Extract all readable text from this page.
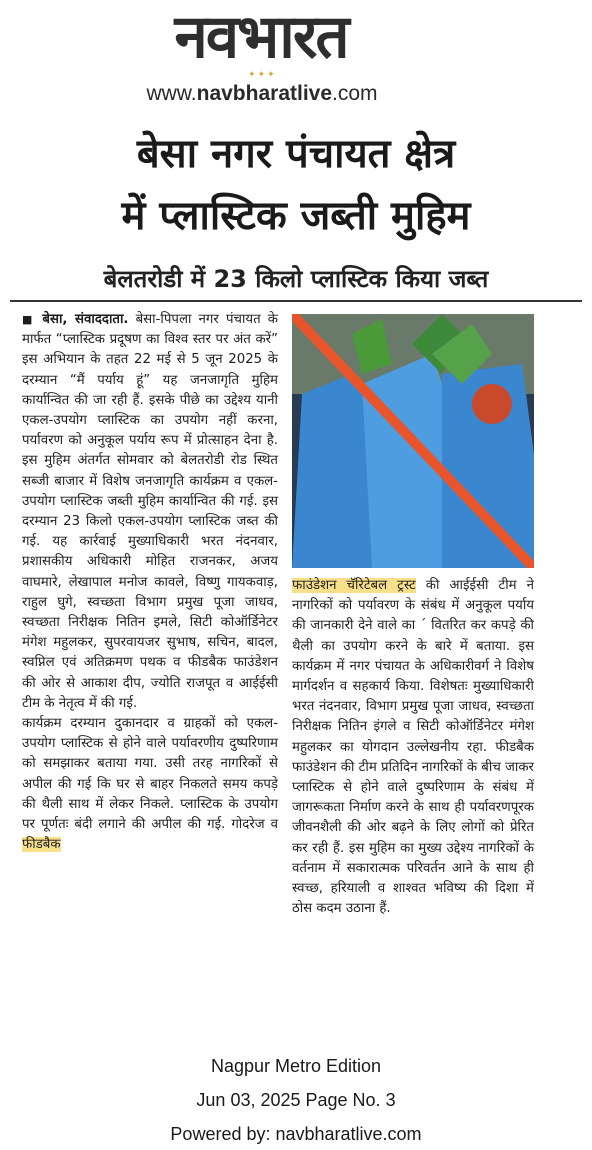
नवभारत
✦✦✦
www.navbharatlive.com
बेसा नगर पंचायत क्षेत्र
में प्लास्टिक जब्ती मुहिम
बेलतरोडी में 23 किलो प्लास्टिक किया जब्त

■ बेसा, संवाददाता. बेसा-पिपला नगर पंचायत के मार्फत “प्लास्टिक प्रदूषण का विश्व स्तर पर अंत करें” इस अभियान के तहत 22 मई से 5 जून 2025 के दरम्यान “मैं पर्याय हूं” यह जनजागृति मुहिम कार्यान्वित की जा रही हैं. इसके पीछे का उद्देश्य यानी एकल-उपयोग प्लास्टिक का उपयोग नहीं करना, पर्यावरण को अनुकूल पर्याय रूप में प्रोत्साहन देना है. इस मुहिम अंतर्गत सोमवार को बेलतरोडी रोड स्थित सब्जी बाजार में विशेष जनजागृति कार्यक्रम व एकल-उपयोग प्लास्टिक जब्ती मुहिम कार्यान्वित की गई. इस दरम्यान 23 किलो एकल-उपयोग प्लास्टिक जब्त की गई. यह कार्रवाई मुख्याधिकारी भरत नंदनवार, प्रशासकीय अधिकारी मोहित राजनकर, अजय वाघमारे, लेखापाल मनोज कावले, विष्णु गायकवाड़, राहुल घुगे, स्वच्छता विभाग प्रमुख पूजा जाधव, स्वच्छता निरीक्षक नितिन इमले, सिटी कोऑर्डिनेटर मंगेश महुलकर, सुपरवायजर सुभाष, सचिन, बादल, स्वप्निल एवं अतिक्रमण पथक व फीडबैक फाउंडेशन की ओर से आकाश दीप, ज्योति राजपूत व आईईसी टीम के नेतृत्व में की गई.

कार्यक्रम दरम्यान दुकानदार व ग्राहकों को एकल-उपयोग प्लास्टिक से होने वाले पर्यावरणीय दुष्परिणाम को समझाकर बताया गया. उसी तरह नागरिकों से अपील की गई कि घर से बाहर निकलते समय कपड़े की थैली साथ में लेकर निकले. प्लास्टिक के उपयोग पर पूर्णतः बंदी लगाने की अपील की गई. गोदरेज व फीडबैक

फाउंडेशन चॅरिटेबल ट्रस्ट की आईईसी टीम ने नागरिकों को पर्यावरण के संबंध में अनुकूल पर्याय की जानकारी देने वाले का ´ वितरित कर कपड़े की थैली का उपयोग करने के बारे में बताया. इस कार्यक्रम में नगर पंचायत के अधिकारीवर्ग ने विशेष मार्गदर्शन व सहकार्य किया. विशेषतः मुख्याधिकारी भरत नंदनवार, विभाग प्रमुख पूजा जाधव, स्वच्छता निरीक्षक नितिन इंगले व सिटी कोऑर्डिनेटर मंगेश महुलकर का योगदान उल्लेखनीय रहा. फीडबैक फाउंडेशन की टीम प्रतिदिन नागरिकों के बीच जाकर प्लास्टिक से होने वाले दुष्परिणाम के संबंध में जागरूकता निर्माण करने के साथ ही पर्यावरणपूरक जीवनशैली की ओर बढ़ने के लिए लोगों को प्रेरित कर रही हैं. इस मुहिम का मुख्य उद्देश्य नागरिकों के वर्तनाम में सकारात्मक परिवर्तन आने के साथ ही स्वच्छ, हरियाली व शाश्वत भविष्य की दिशा में ठोस कदम उठाना हैं.

Nagpur Metro Edition
Jun 03, 2025 Page No. 3
Powered by: navbharatlive.com
